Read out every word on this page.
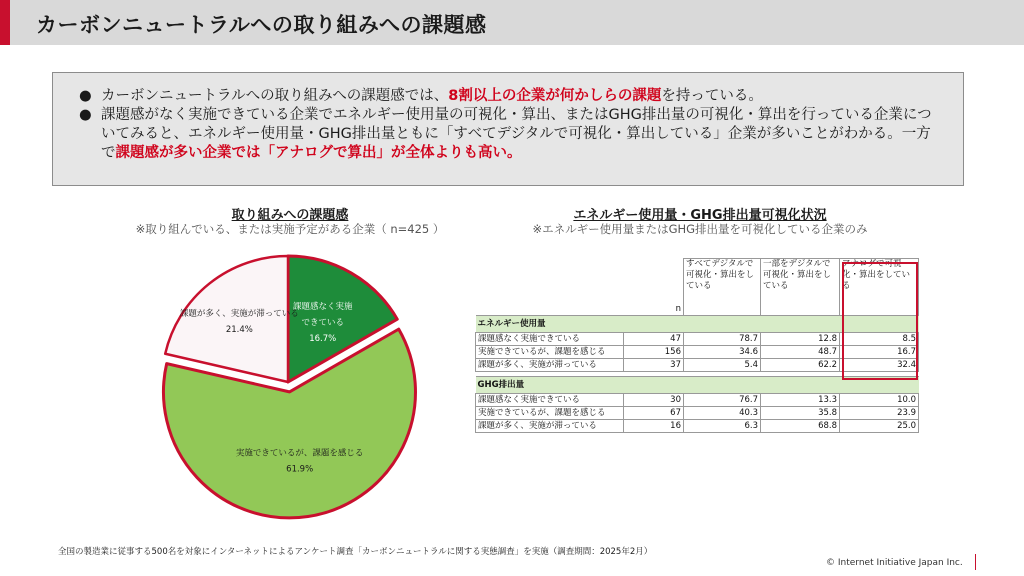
カーボンニュートラルへの取り組みへの課題感
● カーボンニュートラルへの取り組みへの課題感では、8割以上の企業が何かしらの課題を持っている。
● 課題感がなく実施できている企業でエネルギー使用量の可視化・算出、またはGHG排出量の可視化・算出を行っている企業についてみると、エネルギー使用量・GHG排出量ともに「すべてデジタルで可視化・算出している」企業が多いことがわかる。一方で課題感が多い企業では「アナログで算出」が全体よりも高い。
取り組みへの課題感
※取り組んでいる、または実施予定がある企業（ n=425 ）
課題感なく実施できている 16.7%
実施できているが、課題を感じる 61.9%
課題が多く、実施が滞っている 21.4%
エネルギー使用量・GHG排出量可視化状況
※エネルギー使用量またはGHG排出量を可視化している企業のみ
	n	すべてデジタルで可視化・算出をしている	一部をデジタルで可視化・算出をしている	アナログで可視化・算出をしている
エネルギー使用量				
課題感なく実施できている	47	78.7	12.8	8.5
実施できているが、課題を感じる	156	34.6	48.7	16.7
課題が多く、実施が滞っている	37	5.4	62.2	32.4

GHG排出量				
課題感なく実施できている	30	76.7	13.3	10.0
実施できているが、課題を感じる	67	40.3	35.8	23.9
課題が多く、実施が滞っている	16	6.3	68.8	25.0
全国の製造業に従事する500名を対象にインターネットによるアンケート調査「カーボンニュートラルに関する実態調査」を実施（調査期間：2025年2月）
© Internet Initiative Japan Inc.
